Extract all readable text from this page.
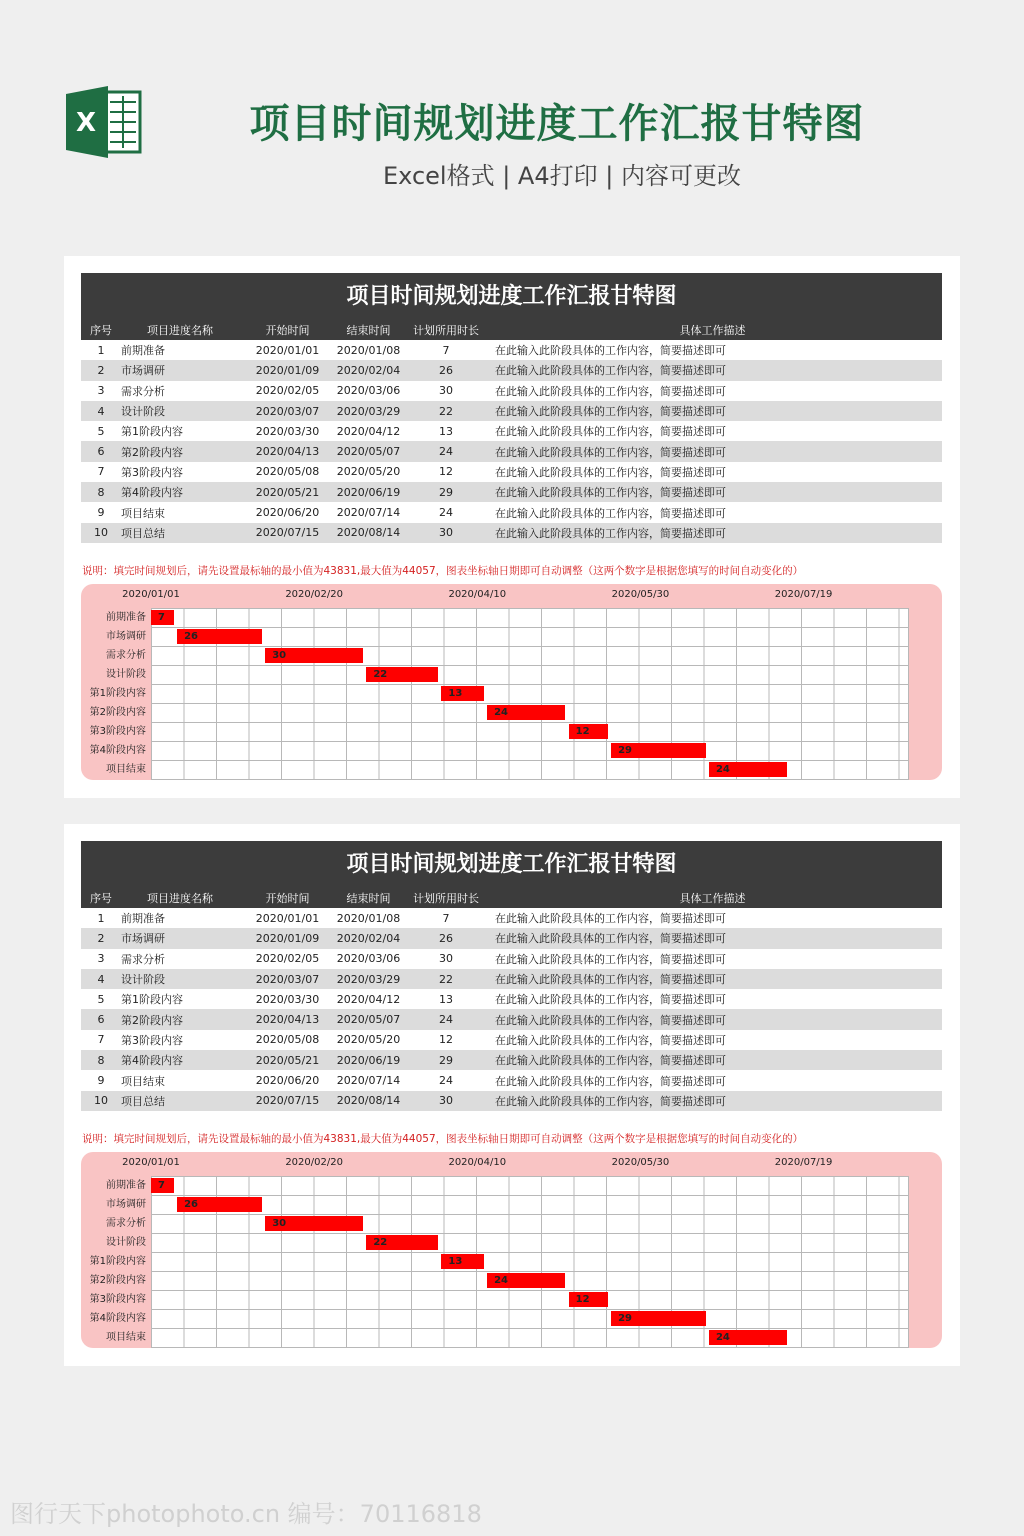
X	项目时间规划进度工作汇报甘特图
Excel格式 | A4打印 | 内容可更改
项目时间规划进度工作汇报甘特图
序号	项目进度名称	开始时间	结束时间	计划所用时长	具体工作描述
1	前期准备	2020/01/01	2020/01/08	7	在此输入此阶段具体的工作内容，简要描述即可
2	市场调研	2020/01/09	2020/02/04	26	在此输入此阶段具体的工作内容，简要描述即可
3	需求分析	2020/02/05	2020/03/06	30	在此输入此阶段具体的工作内容，简要描述即可
4	设计阶段	2020/03/07	2020/03/29	22	在此输入此阶段具体的工作内容，简要描述即可
5	第1阶段内容	2020/03/30	2020/04/12	13	在此输入此阶段具体的工作内容，简要描述即可
6	第2阶段内容	2020/04/13	2020/05/07	24	在此输入此阶段具体的工作内容，简要描述即可
7	第3阶段内容	2020/05/08	2020/05/20	12	在此输入此阶段具体的工作内容，简要描述即可
8	第4阶段内容	2020/05/21	2020/06/19	29	在此输入此阶段具体的工作内容，简要描述即可
9	项目结束	2020/06/20	2020/07/14	24	在此输入此阶段具体的工作内容，简要描述即可
10	项目总结	2020/07/15	2020/08/14	30	在此输入此阶段具体的工作内容，简要描述即可
说明：填完时间规划后，请先设置最标轴的最小值为43831,最大值为44057，图表坐标轴日期即可自动调整（这两个数字是根据您填写的时间自动变化的）
2020/01/01	2020/02/20	2020/04/10	2020/05/30	2020/07/19
前期准备	7
市场调研	26
需求分析	30
设计阶段	22
第1阶段内容	13
第2阶段内容	24
第3阶段内容	12
第4阶段内容	29
项目结束	24
项目时间规划进度工作汇报甘特图
序号	项目进度名称	开始时间	结束时间	计划所用时长	具体工作描述
1	前期准备	2020/01/01	2020/01/08	7	在此输入此阶段具体的工作内容，简要描述即可
2	市场调研	2020/01/09	2020/02/04	26	在此输入此阶段具体的工作内容，简要描述即可
3	需求分析	2020/02/05	2020/03/06	30	在此输入此阶段具体的工作内容，简要描述即可
4	设计阶段	2020/03/07	2020/03/29	22	在此输入此阶段具体的工作内容，简要描述即可
5	第1阶段内容	2020/03/30	2020/04/12	13	在此输入此阶段具体的工作内容，简要描述即可
6	第2阶段内容	2020/04/13	2020/05/07	24	在此输入此阶段具体的工作内容，简要描述即可
7	第3阶段内容	2020/05/08	2020/05/20	12	在此输入此阶段具体的工作内容，简要描述即可
8	第4阶段内容	2020/05/21	2020/06/19	29	在此输入此阶段具体的工作内容，简要描述即可
9	项目结束	2020/06/20	2020/07/14	24	在此输入此阶段具体的工作内容，简要描述即可
10	项目总结	2020/07/15	2020/08/14	30	在此输入此阶段具体的工作内容，简要描述即可
说明：填完时间规划后，请先设置最标轴的最小值为43831,最大值为44057，图表坐标轴日期即可自动调整（这两个数字是根据您填写的时间自动变化的）
2020/01/01	2020/02/20	2020/04/10	2020/05/30	2020/07/19
前期准备	7
市场调研	26
需求分析	30
设计阶段	22
第1阶段内容	13
第2阶段内容	24
第3阶段内容	12
第4阶段内容	29
项目结束	24
图行天下photophoto.cn 编号：70116818
